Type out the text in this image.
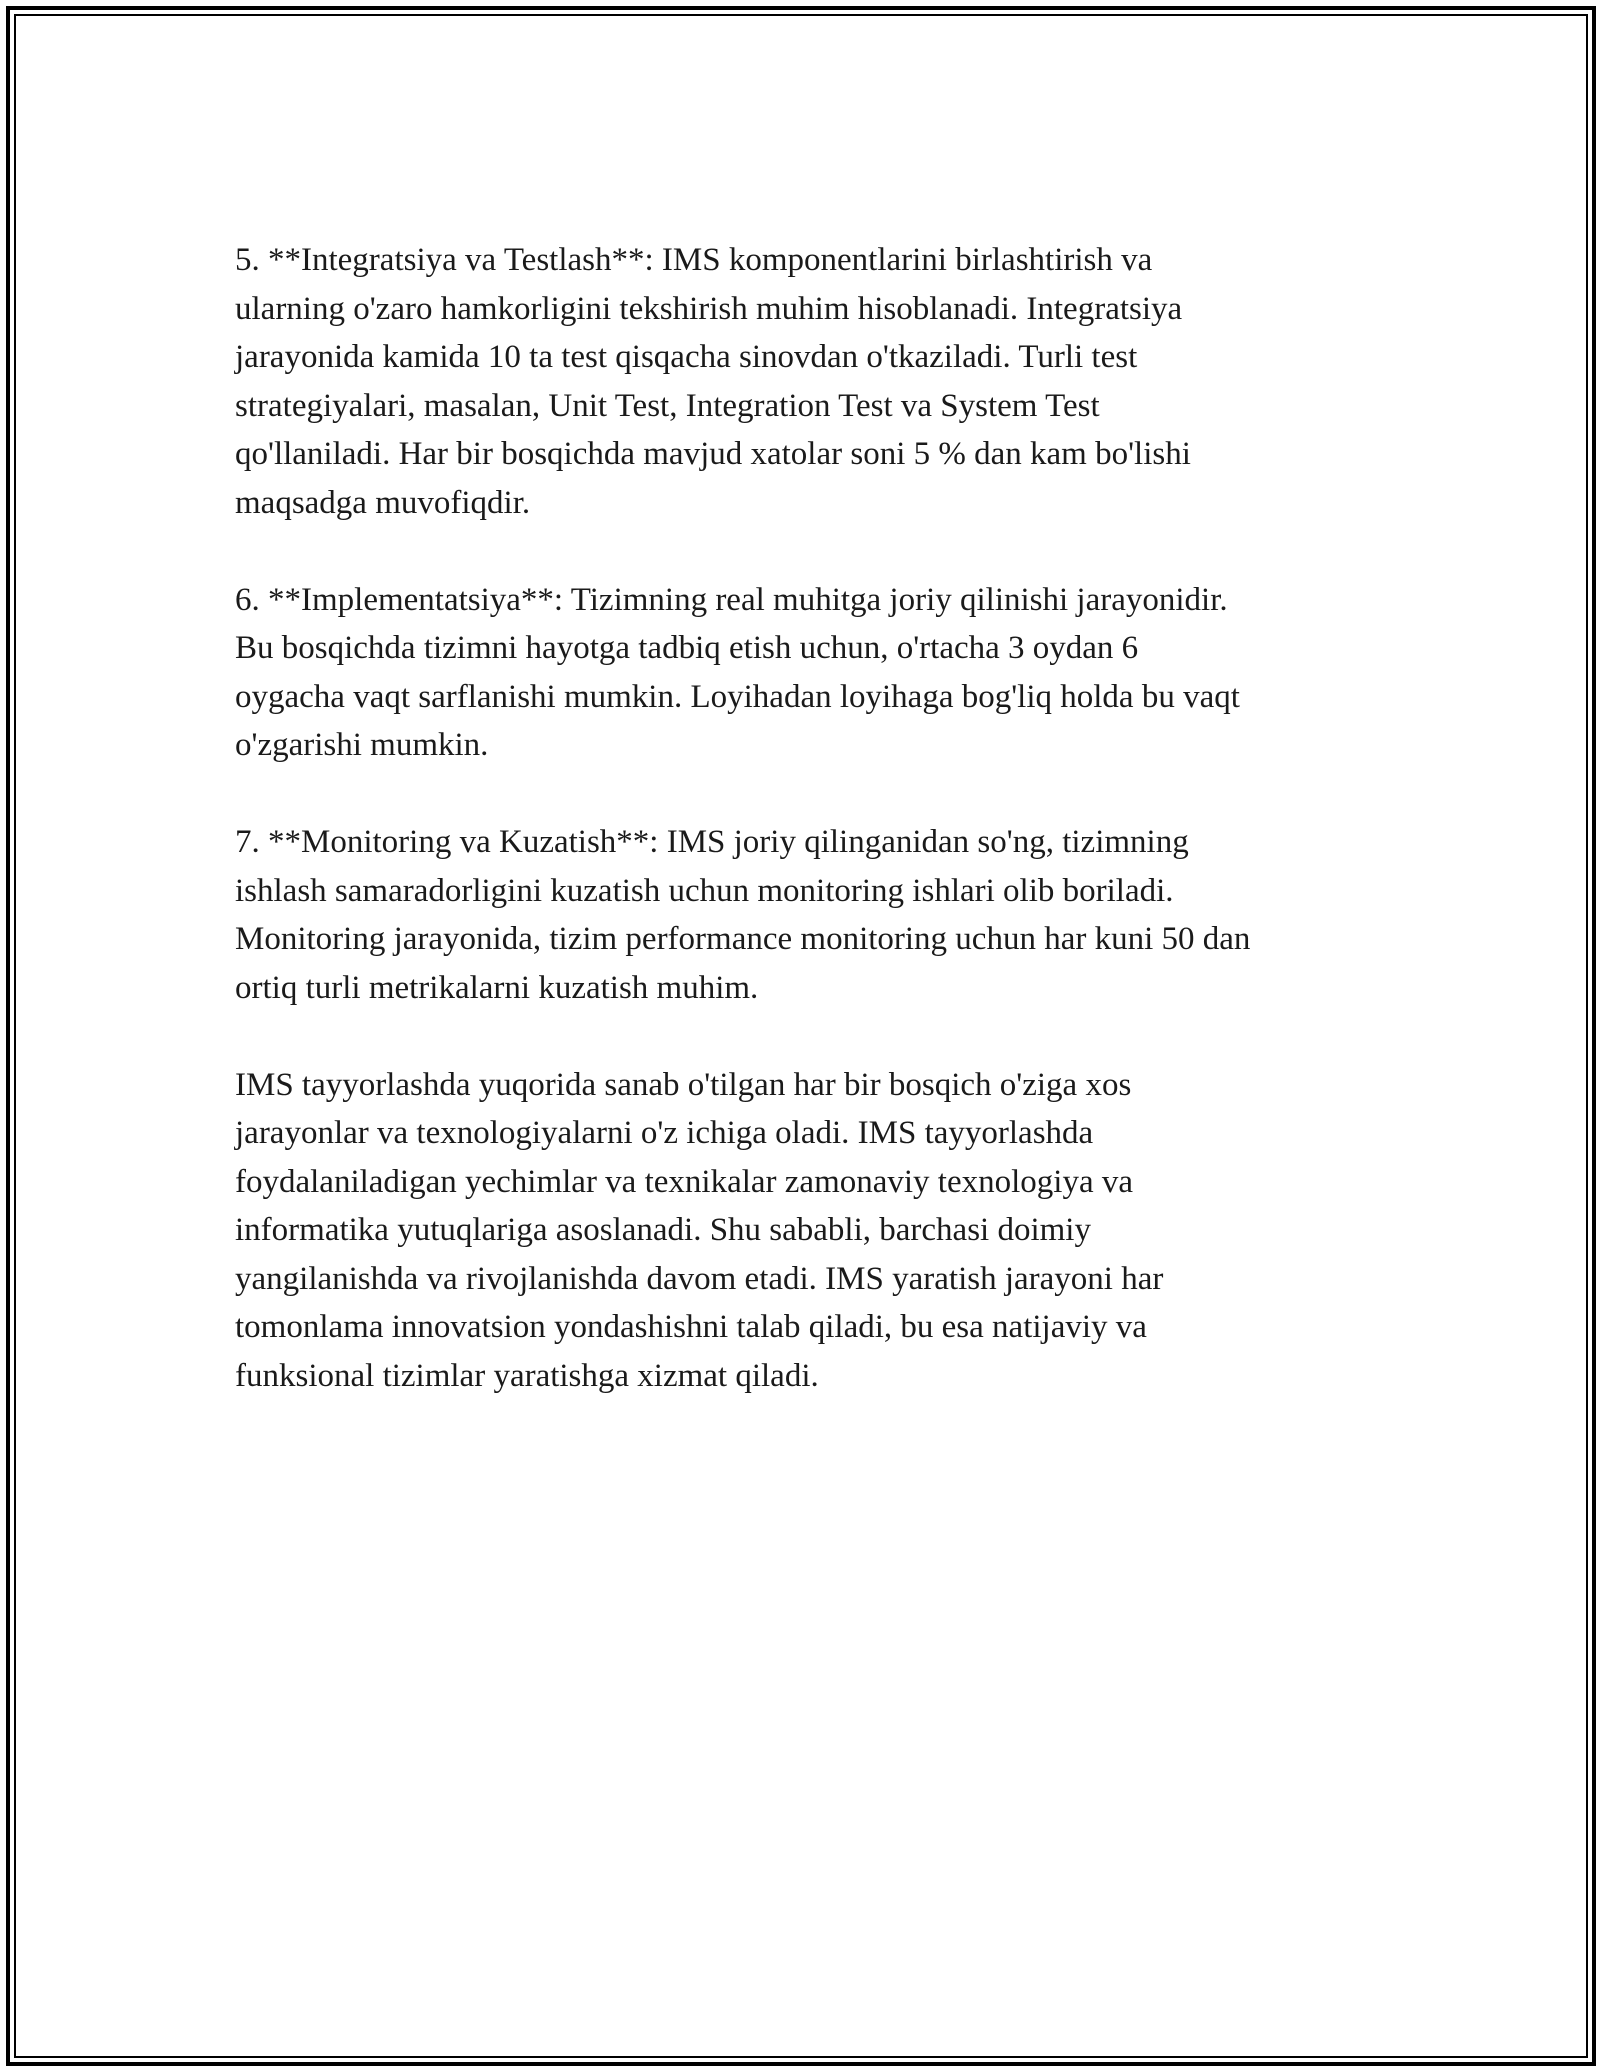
5. **Integratsiya va Testlash**: IMS komponentlarini birlashtirish va
ularning o'zaro hamkorligini tekshirish muhim hisoblanadi. Integratsiya
jarayonida kamida 10 ta test qisqacha sinovdan o'tkaziladi. Turli test
strategiyalari, masalan, Unit Test, Integration Test va System Test
qo'llaniladi. Har bir bosqichda mavjud xatolar soni 5 % dan kam bo'lishi
maqsadga muvofiqdir.

6. **Implementatsiya**: Tizimning real muhitga joriy qilinishi jarayonidir.
Bu bosqichda tizimni hayotga tadbiq etish uchun, o'rtacha 3 oydan 6
oygacha vaqt sarflanishi mumkin. Loyihadan loyihaga bog'liq holda bu vaqt
o'zgarishi mumkin.

7. **Monitoring va Kuzatish**: IMS joriy qilinganidan so'ng, tizimning
ishlash samaradorligini kuzatish uchun monitoring ishlari olib boriladi.
Monitoring jarayonida, tizim performance monitoring uchun har kuni 50 dan
ortiq turli metrikalarni kuzatish muhim.

IMS tayyorlashda yuqorida sanab o'tilgan har bir bosqich o'ziga xos
jarayonlar va texnologiyalarni o'z ichiga oladi. IMS tayyorlashda
foydalaniladigan yechimlar va texnikalar zamonaviy texnologiya va
informatika yutuqlariga asoslanadi. Shu sababli, barchasi doimiy
yangilanishda va rivojlanishda davom etadi. IMS yaratish jarayoni har
tomonlama innovatsion yondashishni talab qiladi, bu esa natijaviy va
funksional tizimlar yaratishga xizmat qiladi.
